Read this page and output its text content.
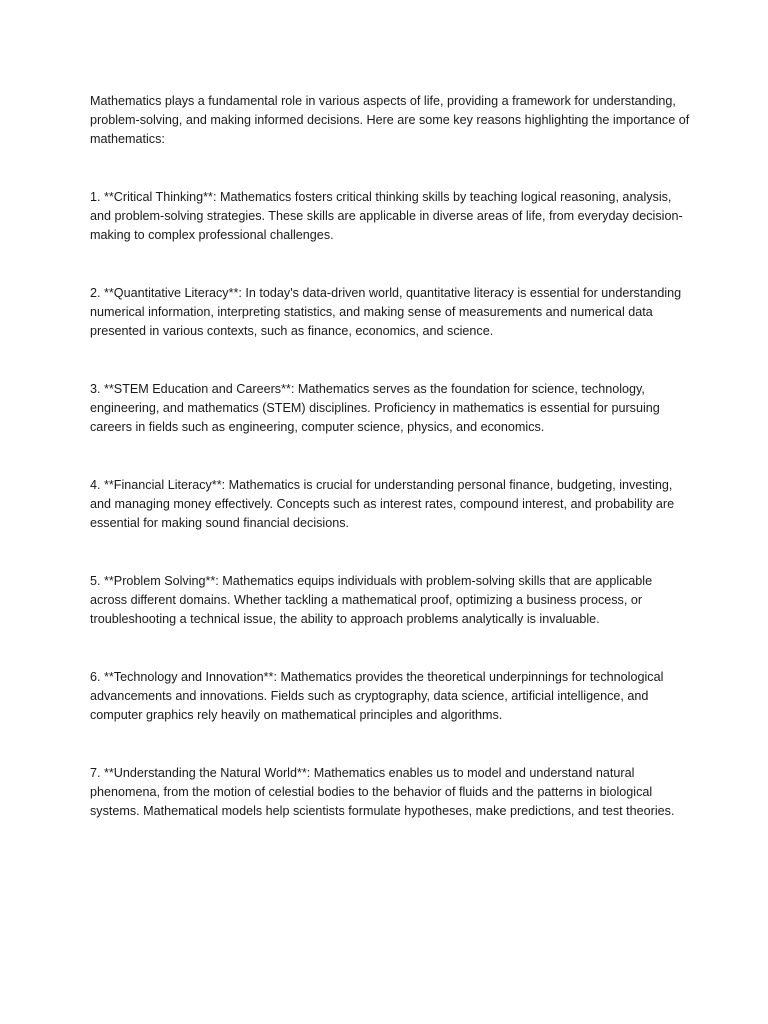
Mathematics plays a fundamental role in various aspects of life, providing a framework for understanding, problem-solving, and making informed decisions. Here are some key reasons highlighting the importance of mathematics:

1. **Critical Thinking**: Mathematics fosters critical thinking skills by teaching logical reasoning, analysis, and problem-solving strategies. These skills are applicable in diverse areas of life, from everyday decision-making to complex professional challenges.

2. **Quantitative Literacy**: In today's data-driven world, quantitative literacy is essential for understanding numerical information, interpreting statistics, and making sense of measurements and numerical data presented in various contexts, such as finance, economics, and science.

3. **STEM Education and Careers**: Mathematics serves as the foundation for science, technology, engineering, and mathematics (STEM) disciplines. Proficiency in mathematics is essential for pursuing careers in fields such as engineering, computer science, physics, and economics.

4. **Financial Literacy**: Mathematics is crucial for understanding personal finance, budgeting, investing, and managing money effectively. Concepts such as interest rates, compound interest, and probability are essential for making sound financial decisions.

5. **Problem Solving**: Mathematics equips individuals with problem-solving skills that are applicable across different domains. Whether tackling a mathematical proof, optimizing a business process, or troubleshooting a technical issue, the ability to approach problems analytically is invaluable.

6. **Technology and Innovation**: Mathematics provides the theoretical underpinnings for technological advancements and innovations. Fields such as cryptography, data science, artificial intelligence, and computer graphics rely heavily on mathematical principles and algorithms.

7. **Understanding the Natural World**: Mathematics enables us to model and understand natural phenomena, from the motion of celestial bodies to the behavior of fluids and the patterns in biological systems. Mathematical models help scientists formulate hypotheses, make predictions, and test theories.
